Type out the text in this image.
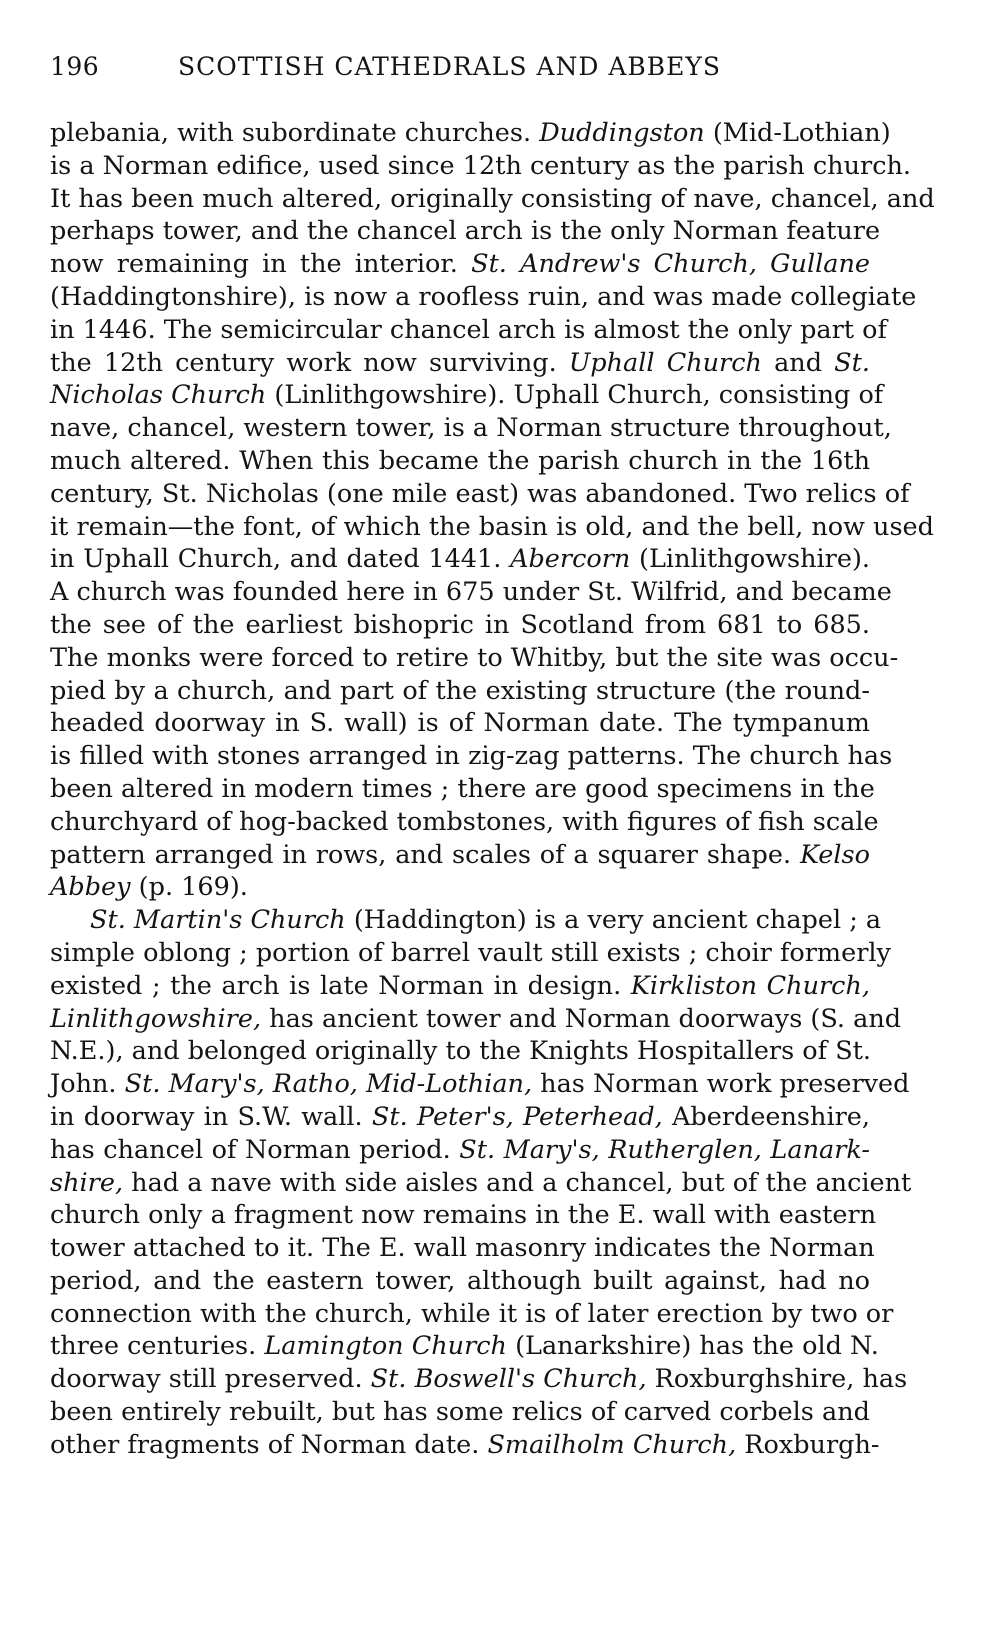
196	SCOTTISH CATHEDRALS AND ABBEYS
plebania, with subordinate churches. Duddingston (Mid-Lothian)
is a Norman edifice, used since 12th century as the parish church.
It has been much altered, originally consisting of nave, chancel, and
perhaps tower, and the chancel arch is the only Norman feature
now remaining in the interior. St. Andrew's Church, Gullane
(Haddingtonshire), is now a roofless ruin, and was made collegiate
in 1446. The semicircular chancel arch is almost the only part of
the 12th century work now surviving. Uphall Church and St.
Nicholas Church (Linlithgowshire). Uphall Church, consisting of
nave, chancel, western tower, is a Norman structure throughout,
much altered. When this became the parish church in the 16th
century, St. Nicholas (one mile east) was abandoned. Two relics of
it remain—the font, of which the basin is old, and the bell, now used
in Uphall Church, and dated 1441. Abercorn (Linlithgowshire).
A church was founded here in 675 under St. Wilfrid, and became
the see of the earliest bishopric in Scotland from 681 to 685.
The monks were forced to retire to Whitby, but the site was occu-
pied by a church, and part of the existing structure (the round-
headed doorway in S. wall) is of Norman date. The tympanum
is filled with stones arranged in zig-zag patterns. The church has
been altered in modern times ; there are good specimens in the
churchyard of hog-backed tombstones, with figures of fish scale
pattern arranged in rows, and scales of a squarer shape. Kelso
Abbey (p. 169).
St. Martin's Church (Haddington) is a very ancient chapel ; a
simple oblong ; portion of barrel vault still exists ; choir formerly
existed ; the arch is late Norman in design. Kirkliston Church,
Linlithgowshire, has ancient tower and Norman doorways (S. and
N.E.), and belonged originally to the Knights Hospitallers of St.
John. St. Mary's, Ratho, Mid-Lothian, has Norman work preserved
in doorway in S.W. wall. St. Peter's, Peterhead, Aberdeenshire,
has chancel of Norman period. St. Mary's, Rutherglen, Lanark-
shire, had a nave with side aisles and a chancel, but of the ancient
church only a fragment now remains in the E. wall with eastern
tower attached to it. The E. wall masonry indicates the Norman
period, and the eastern tower, although built against, had no
connection with the church, while it is of later erection by two or
three centuries. Lamington Church (Lanarkshire) has the old N.
doorway still preserved. St. Boswell's Church, Roxburghshire, has
been entirely rebuilt, but has some relics of carved corbels and
other fragments of Norman date. Smailholm Church, Roxburgh-
